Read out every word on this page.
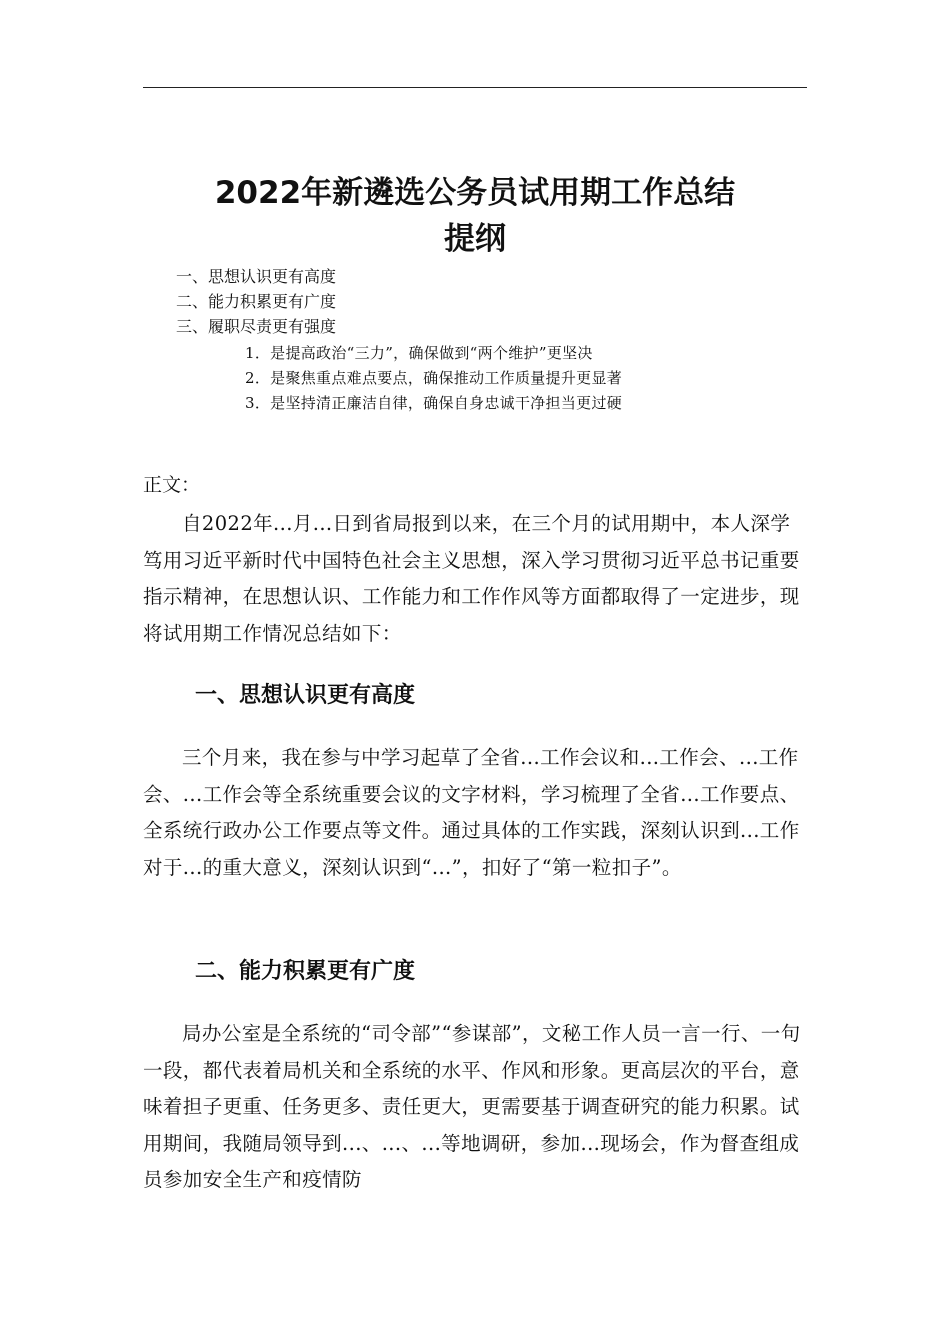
2022年新遴选公务员试用期工作总结
提纲
一、思想认识更有高度
二、能力积累更有广度
三、履职尽责更有强度
1．是提高政治“三力”，确保做到“两个维护”更坚决
2．是聚焦重点难点要点，确保推动工作质量提升更显著
3．是坚持清正廉洁自律，确保自身忠诚干净担当更过硬
正文：

自2022年...月...日到省局报到以来，在三个月的试用期中，本人深学笃用习近平新时代中国特色社会主义思想，深入学习贯彻习近平总书记重要指示精神，在思想认识、工作能力和工作作风等方面都取得了一定进步，现将试用期工作情况总结如下：

一、思想认识更有高度

三个月来，我在参与中学习起草了全省...工作会议和...工作会、...工作会、...工作会等全系统重要会议的文字材料，学习梳理了全省...工作要点、全系统行政办公工作要点等文件。通过具体的工作实践，深刻认识到...工作对于...的重大意义，深刻认识到“...”，扣好了“第一粒扣子”。

二、能力积累更有广度

局办公室是全系统的“司令部”“参谋部”，文秘工作人员一言一行、一句一段，都代表着局机关和全系统的水平、作风和形象。更高层次的平台，意味着担子更重、任务更多、责任更大，更需要基于调查研究的能力积累。试用期间，我随局领导到...、...、...等地调研，参加...现场会，作为督查组成员参加安全生产和疫情防
